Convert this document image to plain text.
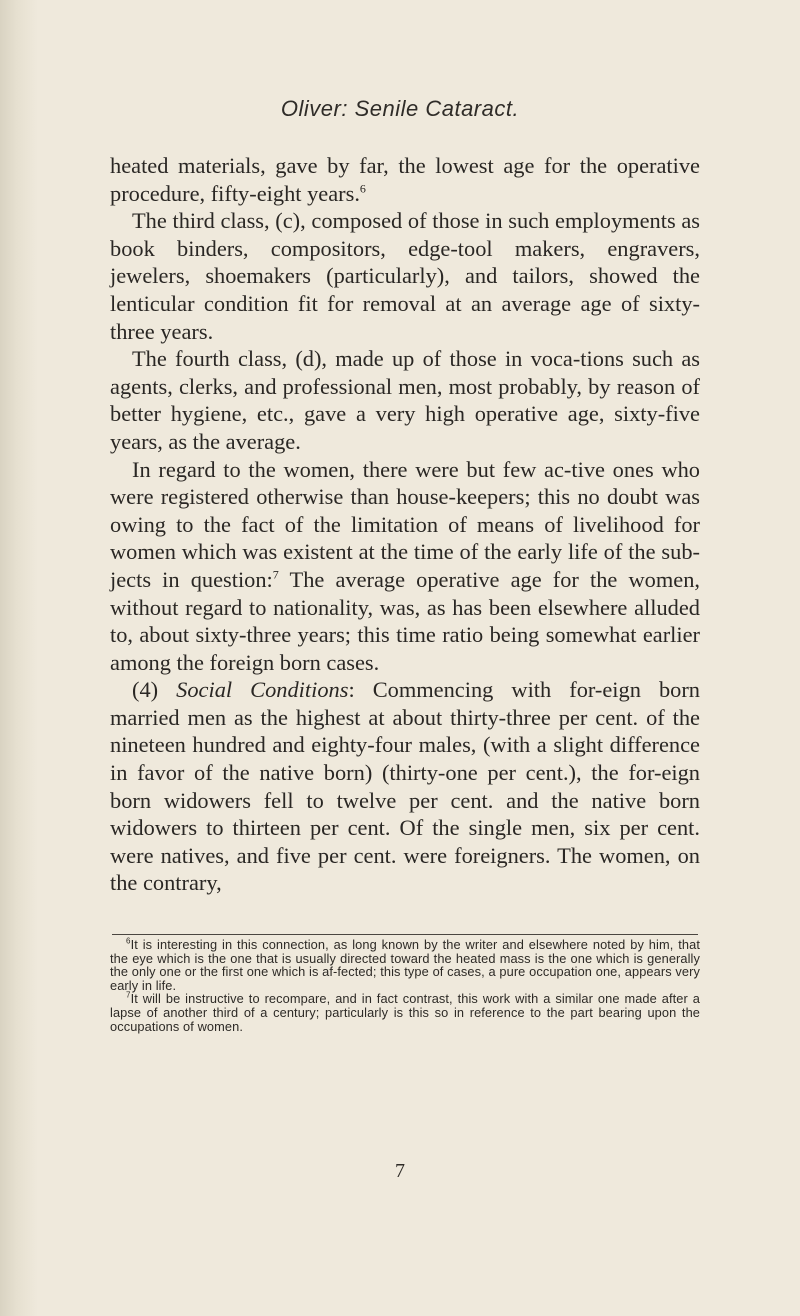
Oliver: Senile Cataract.

heated materials, gave by far, the lowest age for the operative procedure, fifty-eight years.$^6$

The third class, (c), composed of those in such employments as book binders, compositors, edge-tool makers, engravers, jewelers, shoemakers (particularly), and tailors, showed the lenticular condition fit for removal at an average age of sixty-three years.

The fourth class, (d), made up of those in voca-tions such as agents, clerks, and professional men, most probably, by reason of better hygiene, etc., gave a very high operative age, sixty-five years, as the average.

In regard to the women, there were but few ac-tive ones who were registered otherwise than house-keepers; this no doubt was owing to the fact of the limitation of means of livelihood for women which was existent at the time of the early life of the sub-jects in question:$^7$ The average operative age for the women, without regard to nationality, was, as has been elsewhere alluded to, about sixty-three years; this time ratio being somewhat earlier among the foreign born cases.

(4) Social Conditions: Commencing with for-eign born married men as the highest at about thirty-three per cent. of the nineteen hundred and eighty-four males, (with a slight difference in favor of the native born) (thirty-one per cent.), the for-eign born widowers fell to twelve per cent. and the native born widowers to thirteen per cent. Of the single men, six per cent. were natives, and five per cent. were foreigners. The women, on the contrary,

$^6$It is interesting in this connection, as long known by the writer and elsewhere noted by him, that the eye which is the one that is usually directed toward the heated mass is the one which is generally the only one or the first one which is af-fected; this type of cases, a pure occupation one, appears very early in life.

$^7$It will be instructive to recompare, and in fact contrast, this work with a similar one made after a lapse of another third of a century; particularly is this so in reference to the part bearing upon the occupations of women.

7
